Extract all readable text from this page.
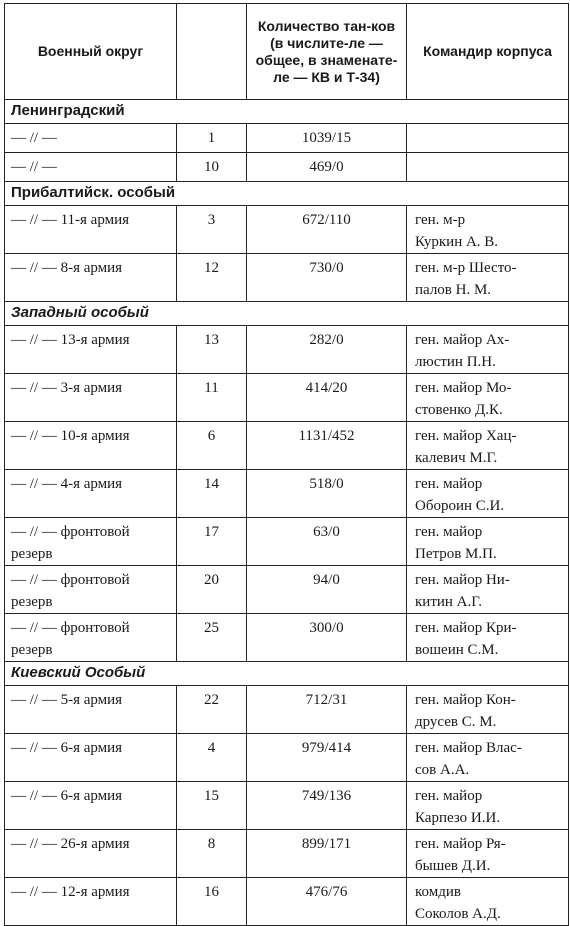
Военный округ		Количество тан-ков (в числите-ле — общее, в знаменате-ле — КВ и Т-34)	Командир корпуса
Ленинградский			
— // —	1	1039/15	
— // —	10	469/0	
Прибалтийск. особый			
— // — 11-я армия	3	672/110	ген. м-р
Куркин А. В.

— // — 8-я армия	12	730/0	ген. м-р Шесто-
палов Н. М.

Западный особый			
— // — 13-я армия	13	282/0	ген. майор Ах-
люстин П.Н.

— // — 3-я армия	11	414/20	ген. майор Мо-
стовенко Д.К.

— // — 10-я армия	6	1131/452	ген. майор Хац-
калевич М.Г.

— // — 4-я армия	14	518/0	ген. майор
Обороин С.И.

— // — фронтовой резерв	17	63/0	ген. майор
Петров М.П.

— // — фронтовой резерв	20	94/0	ген. майор Ни-
китин А.Г.

— // — фронтовой резерв	25	300/0	ген. майор Кри-
вошеин С.М.

Киевский Особый			
— // — 5-я армия	22	712/31	ген. майор Кон-
друсев С. М.

— // — 6-я армия	4	979/414	ген. майор Влас-
сов А.А.

— // — 6-я армия	15	749/136	ген. майор
Карпезо И.И.

— // — 26-я армия	8	899/171	ген. майор Ря-
бышев Д.И.

— // — 12-я армия	16	476/76	комдив
Соколов А.Д.
